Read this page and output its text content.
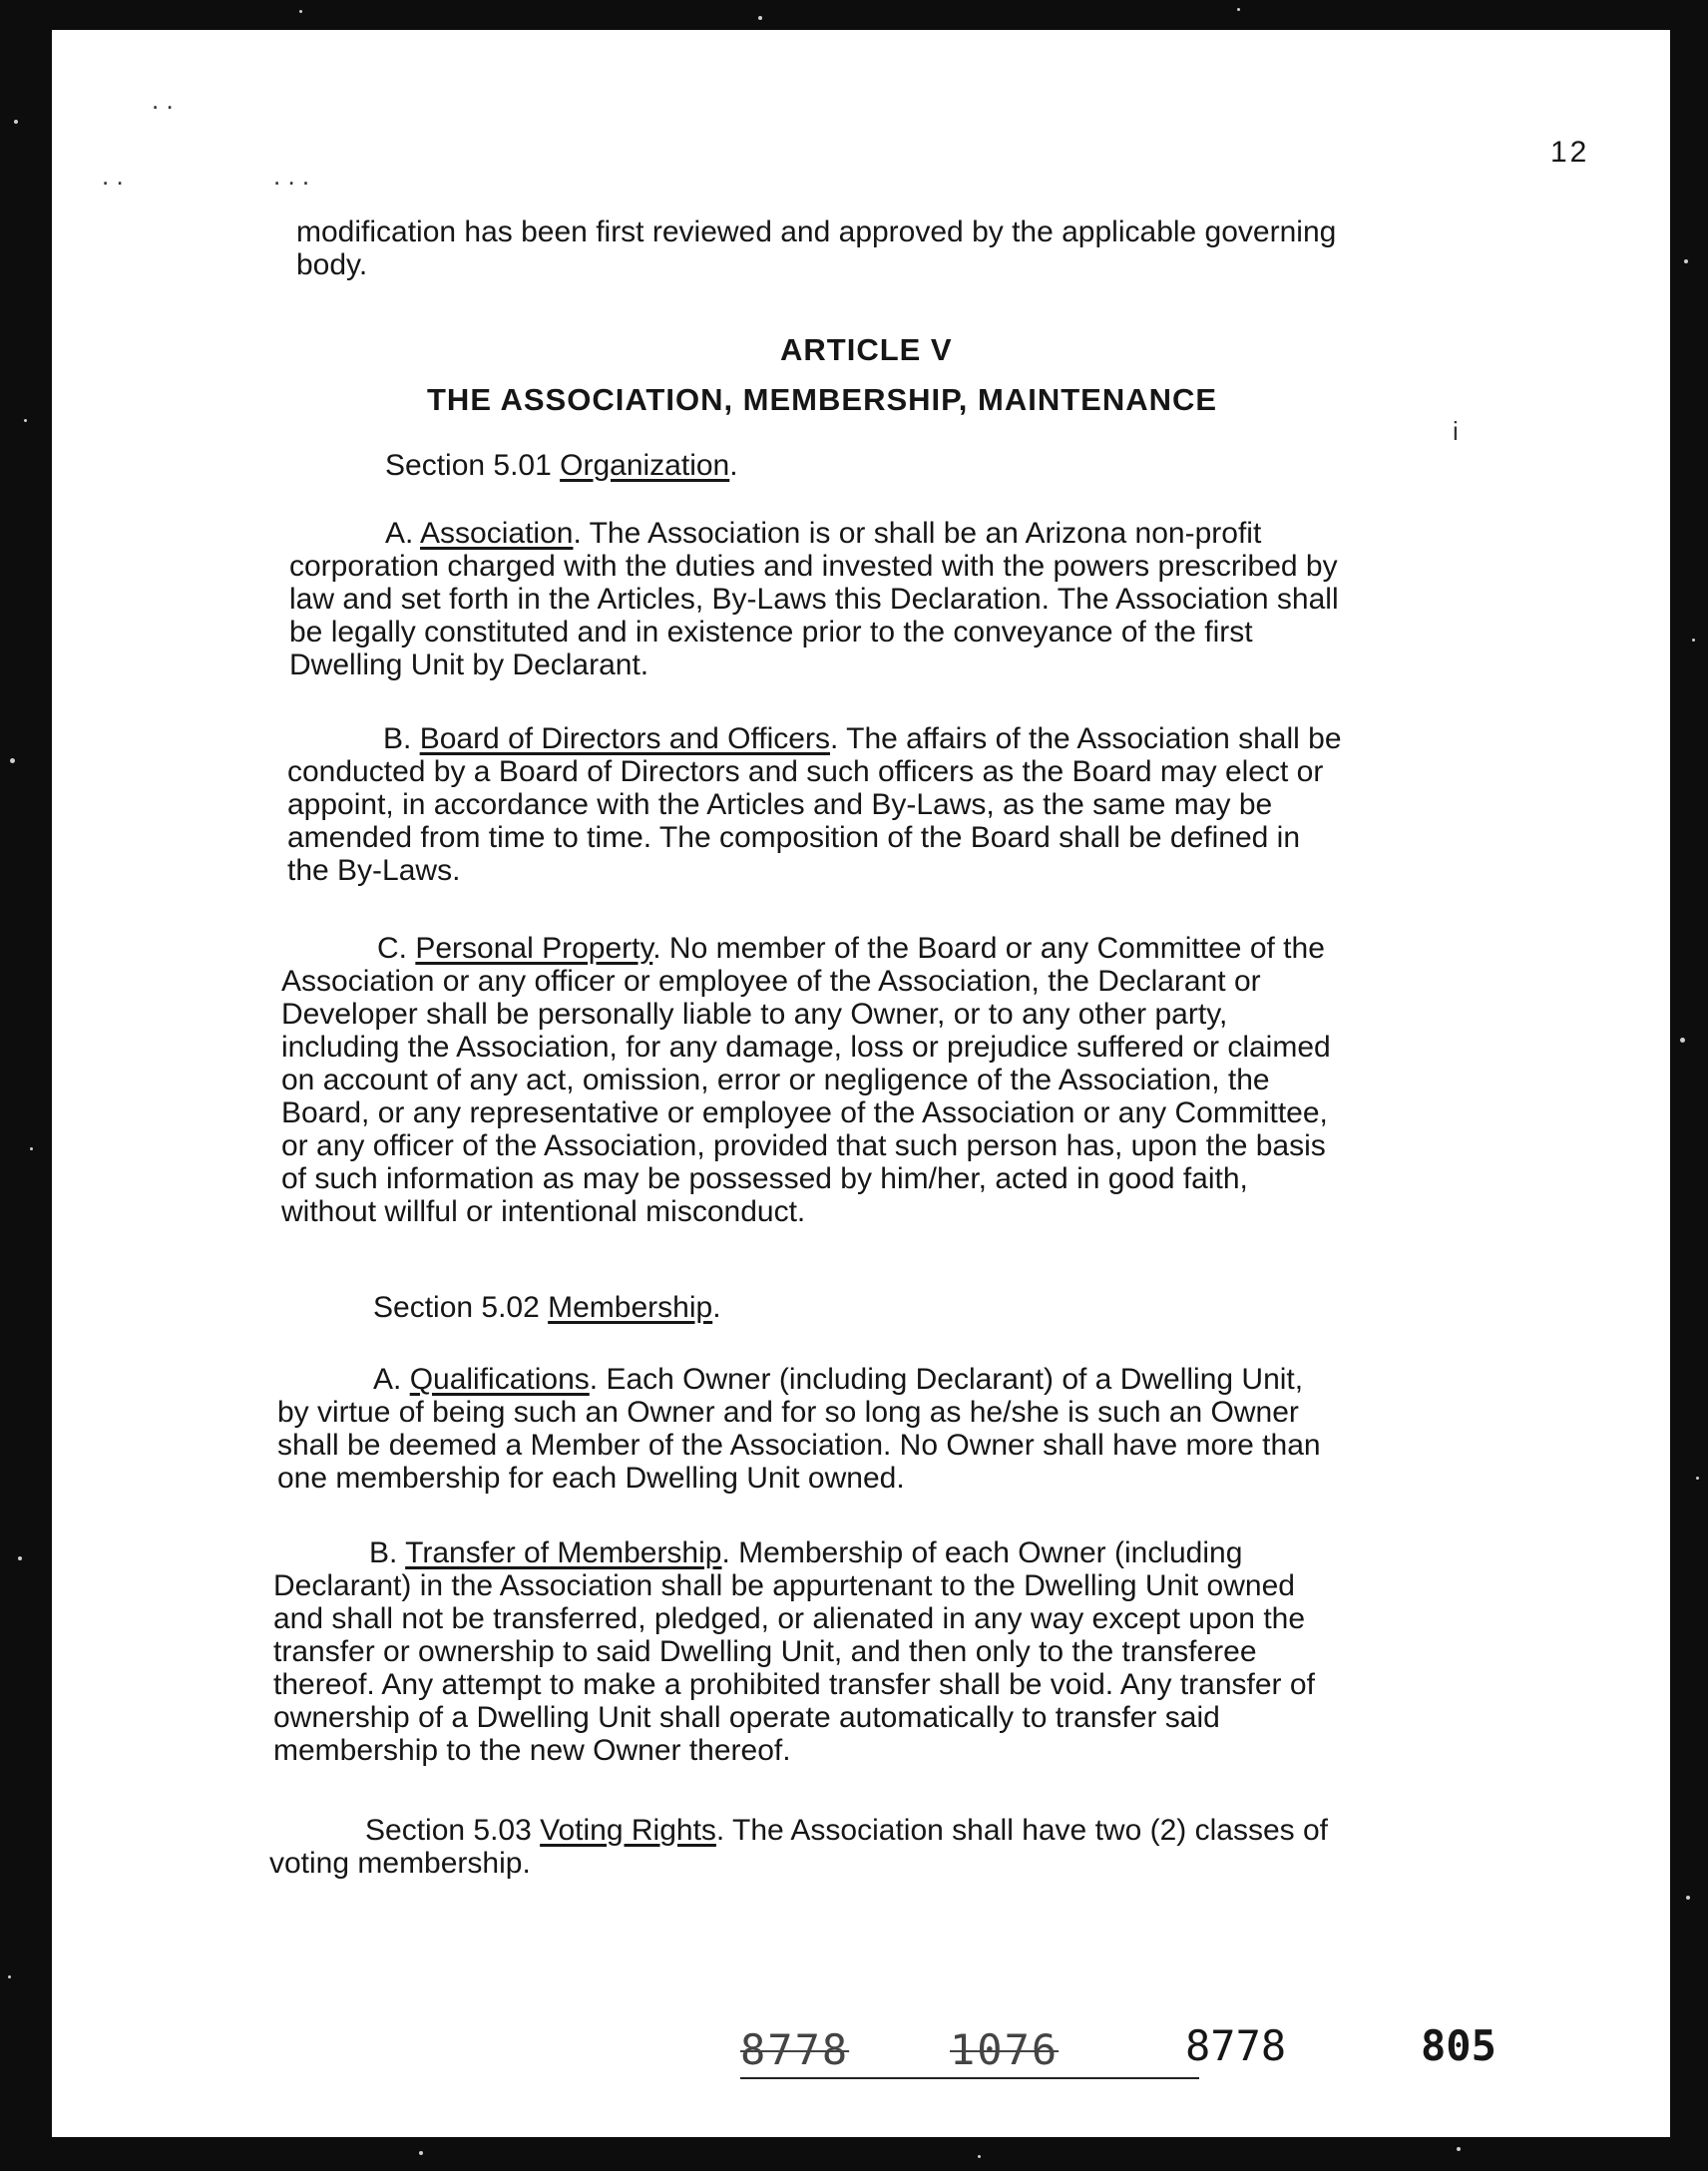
12
. .
. .	. . .
i
modification has been first reviewed and approved by the applicable governing
body.
ARTICLE V
THE ASSOCIATION, MEMBERSHIP, MAINTENANCE
Section 5.01 Organization.
A. Association. The Association is or shall be an Arizona non-profit
corporation charged with the duties and invested with the powers prescribed by
law and set forth in the Articles, By-Laws this Declaration. The Association shall
be legally constituted and in existence prior to the conveyance of the first
Dwelling Unit by Declarant.
B. Board of Directors and Officers. The affairs of the Association shall be
conducted by a Board of Directors and such officers as the Board may elect or
appoint, in accordance with the Articles and By-Laws, as the same may be
amended from time to time. The composition of the Board shall be defined in
the By-Laws.
C. Personal Property. No member of the Board or any Committee of the
Association or any officer or employee of the Association, the Declarant or
Developer shall be personally liable to any Owner, or to any other party,
including the Association, for any damage, loss or prejudice suffered or claimed
on account of any act, omission, error or negligence of the Association, the
Board, or any representative or employee of the Association or any Committee,
or any officer of the Association, provided that such person has, upon the basis
of such information as may be possessed by him/her, acted in good faith,
without willful or intentional misconduct.
Section 5.02 Membership.
A. Qualifications. Each Owner (including Declarant) of a Dwelling Unit,
by virtue of being such an Owner and for so long as he/she is such an Owner
shall be deemed a Member of the Association. No Owner shall have more than
one membership for each Dwelling Unit owned.
B. Transfer of Membership. Membership of each Owner (including
Declarant) in the Association shall be appurtenant to the Dwelling Unit owned
and shall not be transferred, pledged, or alienated in any way except upon the
transfer or ownership to said Dwelling Unit, and then only to the transferee
thereof. Any attempt to make a prohibited transfer shall be void. Any transfer of
ownership of a Dwelling Unit shall operate automatically to transfer said
membership to the new Owner thereof.
Section 5.03 Voting Rights. The Association shall have two (2) classes of
voting membership.
8778 1076	8778	805
